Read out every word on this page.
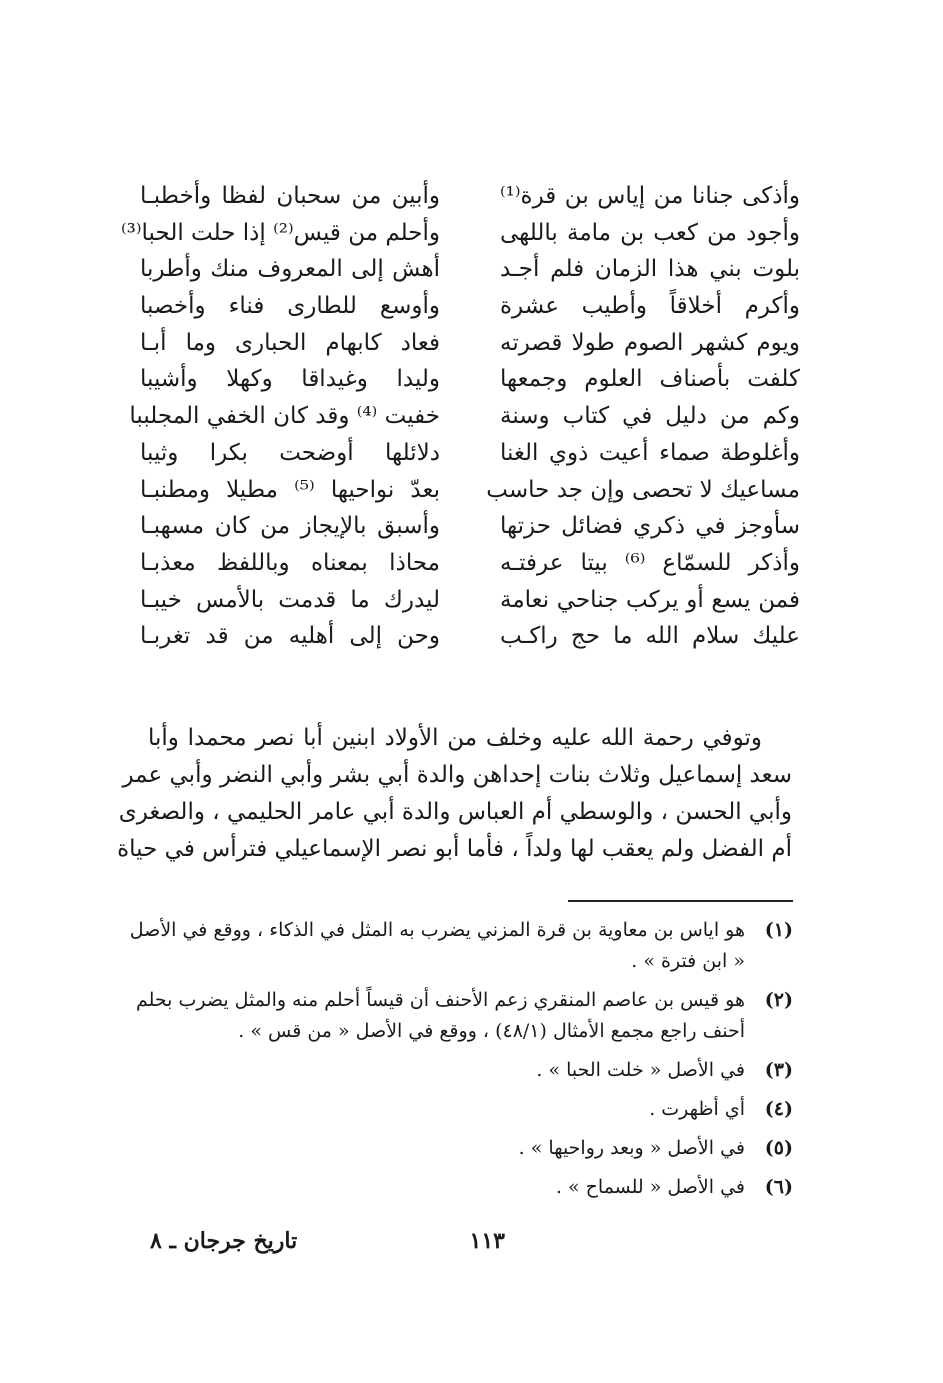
وأذكى جنانا من إياس بن قرة⁽¹⁾
وأبين من سحبان لفظا وأخطبـا
وأجود من كعب بن مامة باللهى
وأحلم من قيس⁽²⁾ إذا حلت الحبا⁽³⁾
بلوت بني هذا الزمان فلم أجـد
أهش إلى المعروف منك وأطربا
وأكرم أخلاقاً وأطيب عشرة
وأوسع للطارى فناء وأخصبا
ويوم كشهر الصوم طولا قصرته
فعاد كابهام الحبارى وما أبـا
كلفت بأصناف العلوم وجمعها
وليدا وغيداقا وكهلا وأشيبا
وكم من دليل في كتاب وسنة
خفيت ⁽⁴⁾ وقد كان الخفي المجلببا
وأغلوطة صماء أعيت ذوي الغنا
دلائلها أوضحت بكرا وثيبا
مساعيك لا تحصى وإن جد حاسب
بعدّ نواحيها ⁽⁵⁾ مطيلا ومطنبـا
سأوجز في ذكري فضائل حزتها
وأسبق بالإيجاز من كان مسهبـا
وأذكر للسمّاع ⁽⁶⁾ بيتا عرفتـه
محاذا بمعناه وباللفظ معذبـا
فمن يسع أو يركب جناحي نعامة
ليدرك ما قدمت بالأمس خيبـا
عليك سلام الله ما حج راكـب
وحن إلى أهليه من قد تغربـا
وتوفي رحمة الله عليه وخلف من الأولاد ابنين أبا نصر محمدا وأبا
سعد إسماعيل وثلاث بنات إحداهن والدة أبي بشر وأبي النضر وأبي عمر
وأبي الحسن ، والوسطي أم العباس والدة أبي عامر الحليمي ، والصغرى
أم الفضل ولم يعقب لها ولداً ، فأما أبو نصر الإسماعيلي فترأس في حياة
(١)
هو اياس بن معاوية بن قرة المزني يضرب به المثل في الذكاء ، ووقع في الأصل
« ابن فترة » .
(٢)
هو قيس بن عاصم المنقري زعم الأحنف أن قيساً أحلم منه والمثل يضرب بحلم
أحنف راجع مجمع الأمثال (٤٨/١) ، ووقع في الأصل « من قس » .
(٣)
في الأصل « خلت الحبا » .
(٤)
أي أظهرت .
(٥)
في الأصل « وبعد رواحيها » .
(٦)
في الأصل « للسماح » .
١١٣
تاريخ جرجان ـ ٨
